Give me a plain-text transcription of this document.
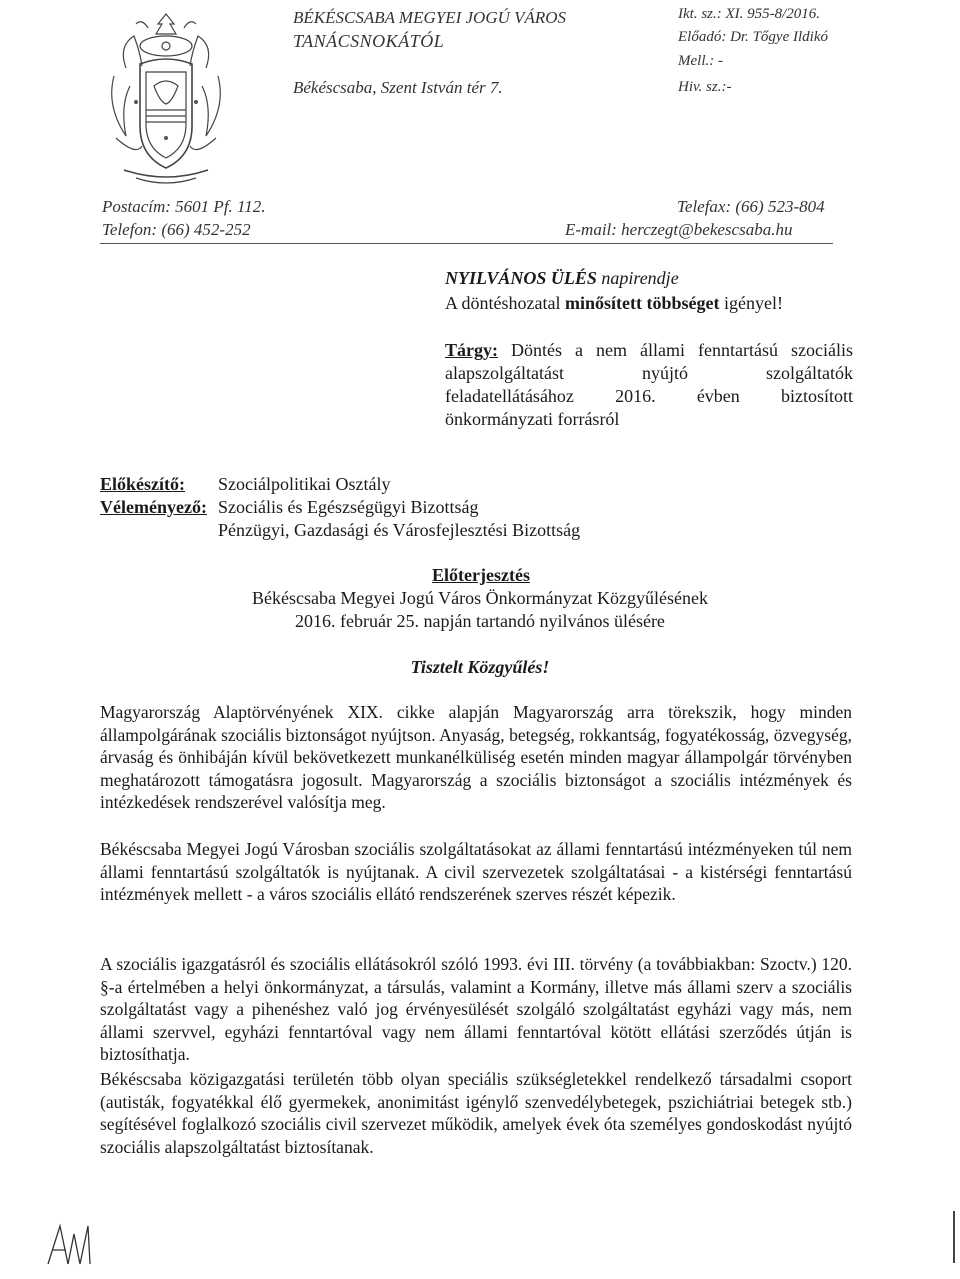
BÉKÉSCSABA MEGYEI JOGÚ VÁROS
TANÁCSNOKÁTÓL
Békéscsaba, Szent István tér 7.
Ikt. sz.: XI. 955-8/2016.
Előadó: Dr. Tőgye Ildikó
Mell.: -
Hiv. sz.:-
Postacím: 5601 Pf. 112.
Telefon: (66) 452-252
Telefax: (66) 523-804
E-mail: herczegt@bekescsaba.hu
NYILVÁNOS ÜLÉS napirendje
A döntéshozatal minősített többséget igényel!
Tárgy: Döntés a nem állami fenntartású szociális
alapszolgáltatást nyújtó szolgáltatók
feladatellátásához 2016. évben biztosított
önkormányzati forrásról
Előkészítő: Szociálpolitikai Osztály
Véleményező: Szociális és Egészségügyi Bizottság
Pénzügyi, Gazdasági és Városfejlesztési Bizottság
Előterjesztés
Békéscsaba Megyei Jogú Város Önkormányzat Közgyűlésének
2016. február 25. napján tartandó nyilvános ülésére
Tisztelt Közgyűlés!
Magyarország Alaptörvényének XIX. cikke alapján Magyarország arra törekszik, hogy minden állampolgárának szociális biztonságot nyújtson. Anyaság, betegség, rokkantság, fogyatékosság, özvegység, árvaság és önhibáján kívül bekövetkezett munkanélküliség esetén minden magyar állampolgár törvényben meghatározott támogatásra jogosult. Magyarország a szociális biztonságot a szociális intézmények és intézkedések rendszerével valósítja meg.
Békéscsaba Megyei Jogú Városban szociális szolgáltatásokat az állami fenntartású intézményeken túl nem állami fenntartású szolgáltatók is nyújtanak. A civil szervezetek szolgáltatásai - a kistérségi fenntartású intézmények mellett - a város szociális ellátó rendszerének szerves részét képezik.
A szociális igazgatásról és szociális ellátásokról szóló 1993. évi III. törvény (a továbbiakban: Szoctv.) 120. §-a értelmében a helyi önkormányzat, a társulás, valamint a Kormány, illetve más állami szerv a szociális szolgáltatást vagy a pihenéshez való jog érvényesülését szolgáló szolgáltatást egyházi vagy más, nem állami szervvel, egyházi fenntartóval vagy nem állami fenntartóval kötött ellátási szerződés útján is biztosíthatja.
Békéscsaba közigazgatási területén több olyan speciális szükségletekkel rendelkező társadalmi csoport (autisták, fogyatékkal élő gyermekek, anonimitást igénylő szenvedélybetegek, pszichiátriai betegek stb.) segítésével foglalkozó szociális civil szervezet működik, amelyek évek óta személyes gondoskodást nyújtó szociális alapszolgáltatást biztosítanak.
